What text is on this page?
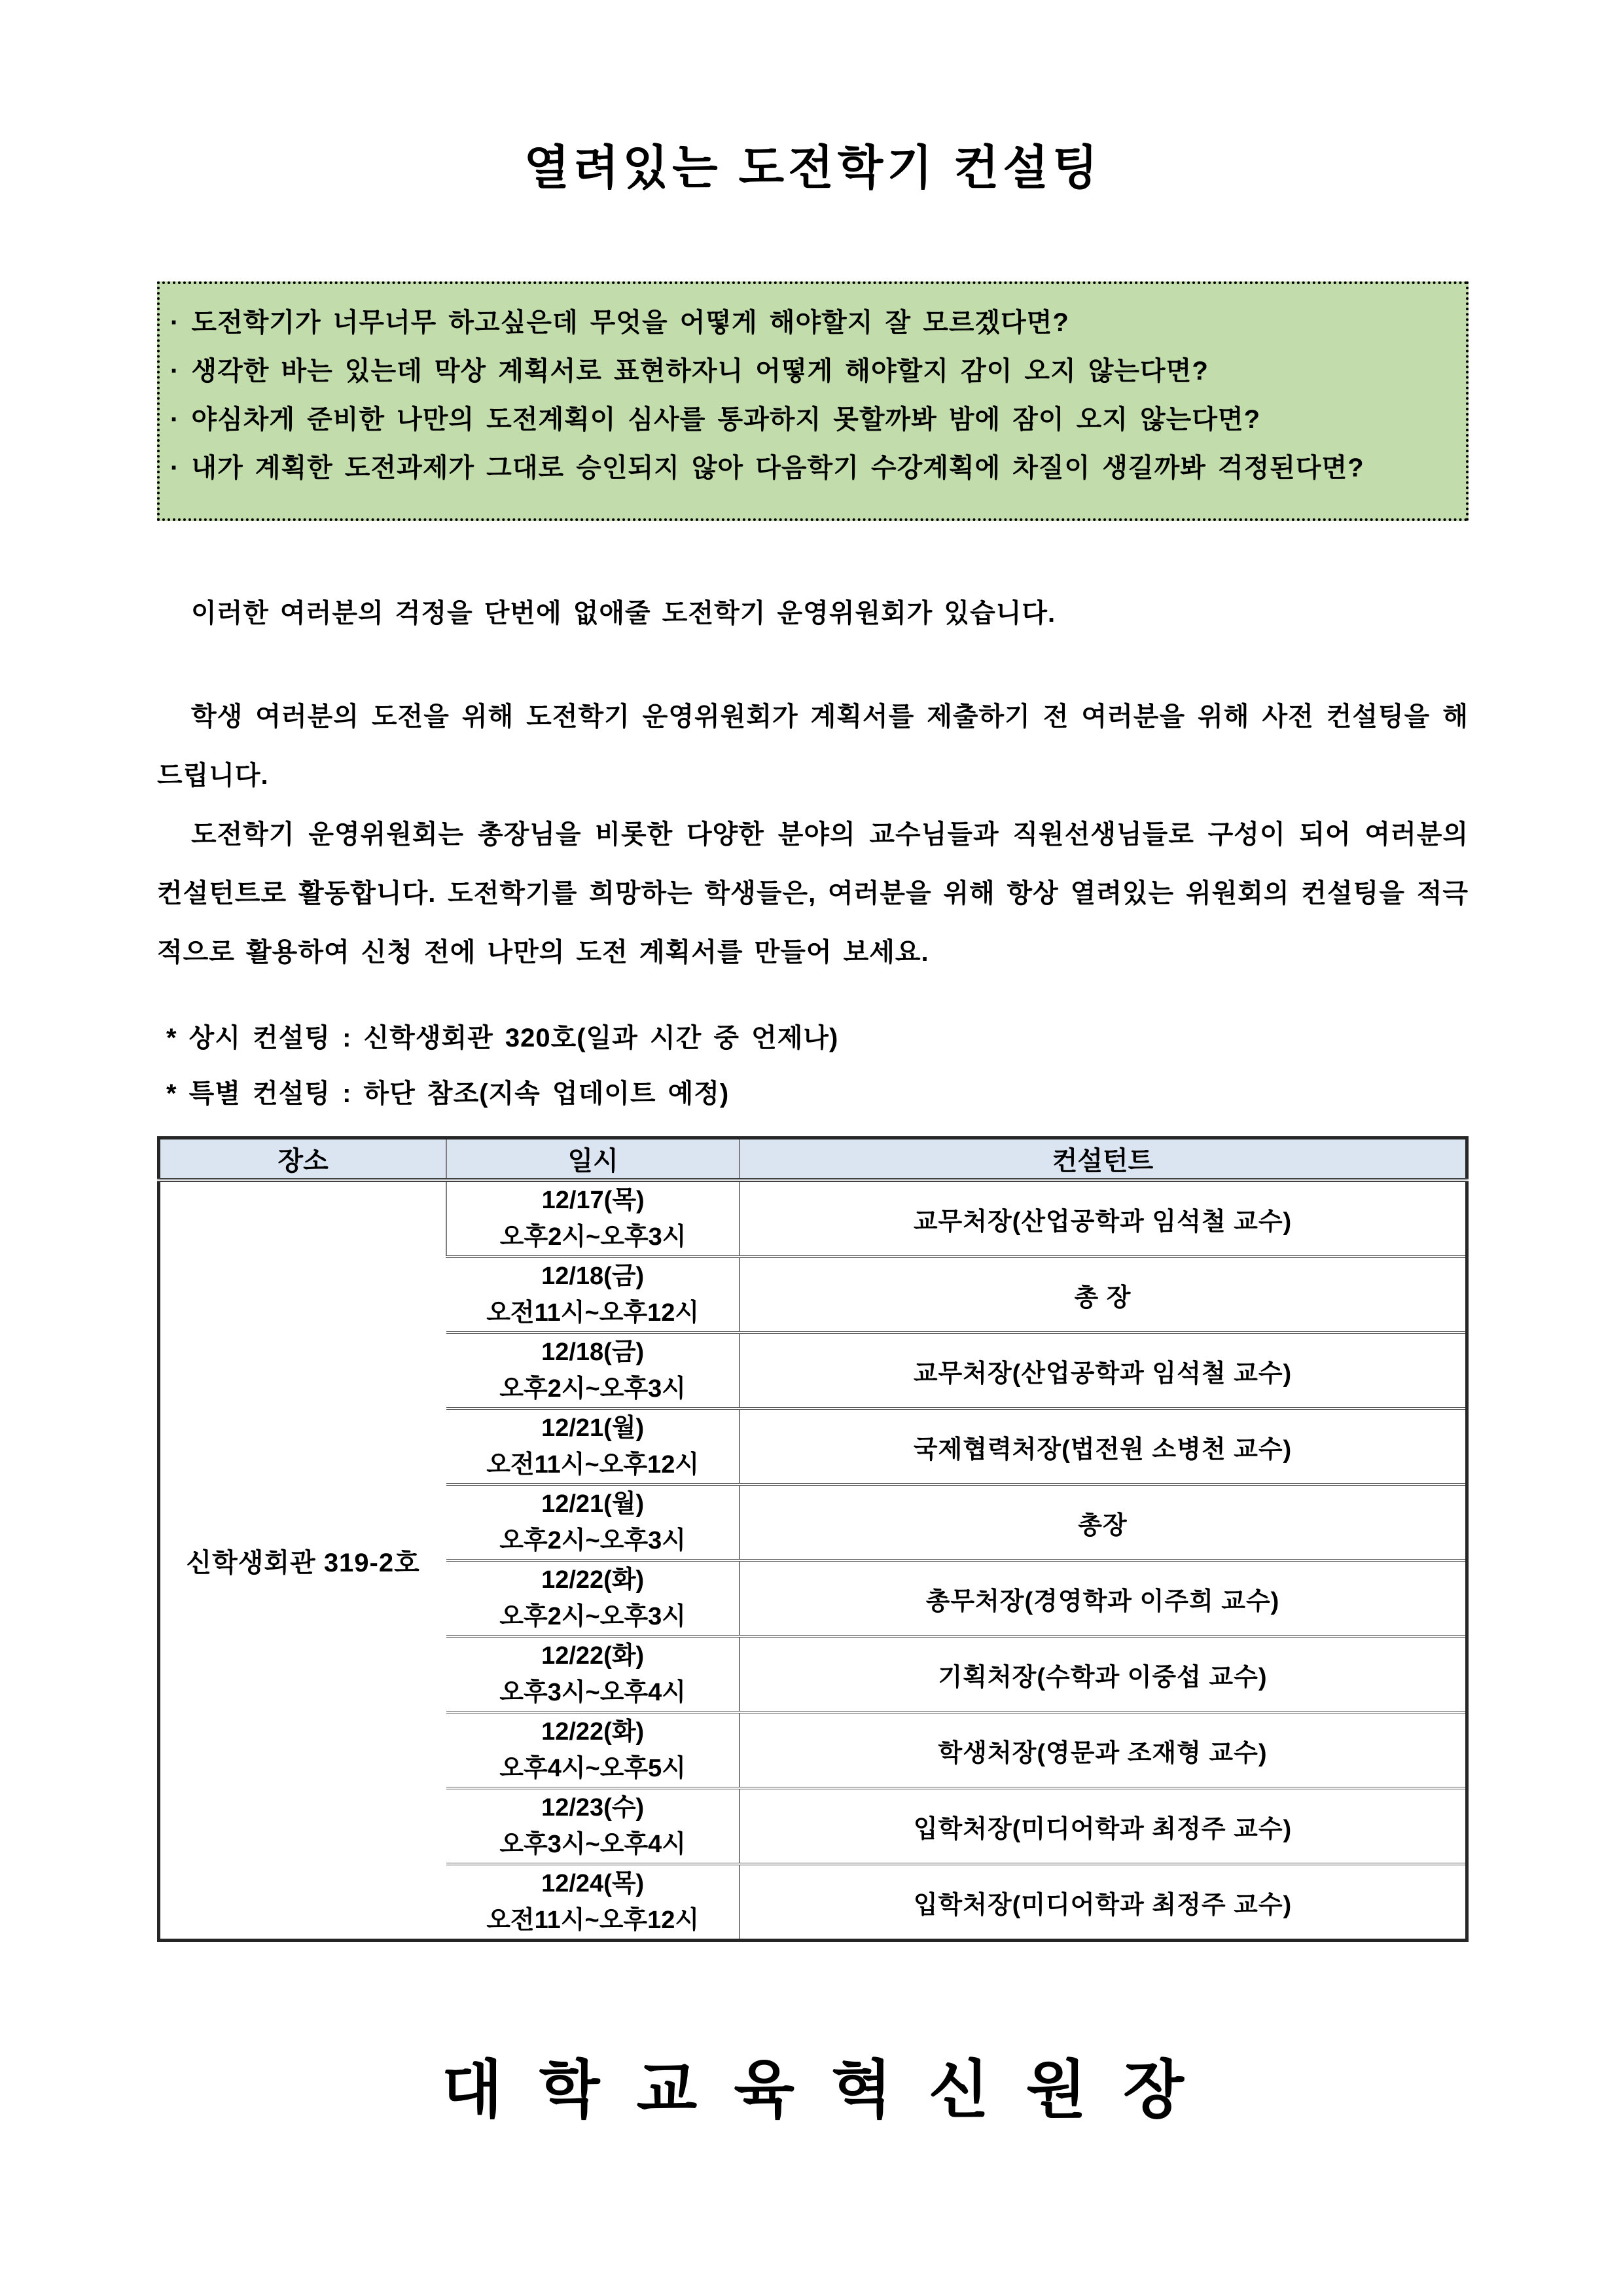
열려있는 도전학기 컨설팅
· 도전학기가 너무너무 하고싶은데 무엇을 어떻게 해야할지 잘 모르겠다면?
· 생각한 바는 있는데 막상 계획서로 표현하자니 어떻게 해야할지 감이 오지 않는다면?
· 야심차게 준비한 나만의 도전계획이 심사를 통과하지 못할까봐 밤에 잠이 오지 않는다면?
· 내가 계획한 도전과제가 그대로 승인되지 않아 다음학기 수강계획에 차질이 생길까봐 걱정된다면?

이러한 여러분의 걱정을 단번에 없애줄 도전학기 운영위원회가 있습니다.

학생 여러분의 도전을 위해 도전학기 운영위원회가 계획서를 제출하기 전 여러분을 위해 사전 컨설팅을 해드립니다.

도전학기 운영위원회는 총장님을 비롯한 다양한 분야의 교수님들과 직원선생님들로 구성이 되어 여러분의 컨설턴트로 활동합니다. 도전학기를 희망하는 학생들은, 여러분을 위해 항상 열려있는 위원회의 컨설팅을 적극적으로 활용하여 신청 전에 나만의 도전 계획서를 만들어 보세요.

* 상시 컨설팅 : 신학생회관 320호(일과 시간 중 언제나)
* 특별 컨설팅 : 하단 참조(지속 업데이트 예정)
장소	일시	컨설턴트
신학생회관 319-2호	12/17(목)
오후2시~오후3시	교무처장(산업공학과 임석철 교수)

	12/18(금)
오전11시~오후12시	총 장

	12/18(금)
오후2시~오후3시	교무처장(산업공학과 임석철 교수)

	12/21(월)
오전11시~오후12시	국제협력처장(법전원 소병천 교수)

	12/21(월)
오후2시~오후3시	총장

	12/22(화)
오후2시~오후3시	총무처장(경영학과 이주희 교수)

	12/22(화)
오후3시~오후4시	기획처장(수학과 이중섭 교수)

	12/22(화)
오후4시~오후5시	학생처장(영문과 조재형 교수)

	12/23(수)
오후3시~오후4시	입학처장(미디어학과 최정주 교수)

	12/24(목)
오전11시~오후12시	입학처장(미디어학과 최정주 교수)
대학교육혁신원장
